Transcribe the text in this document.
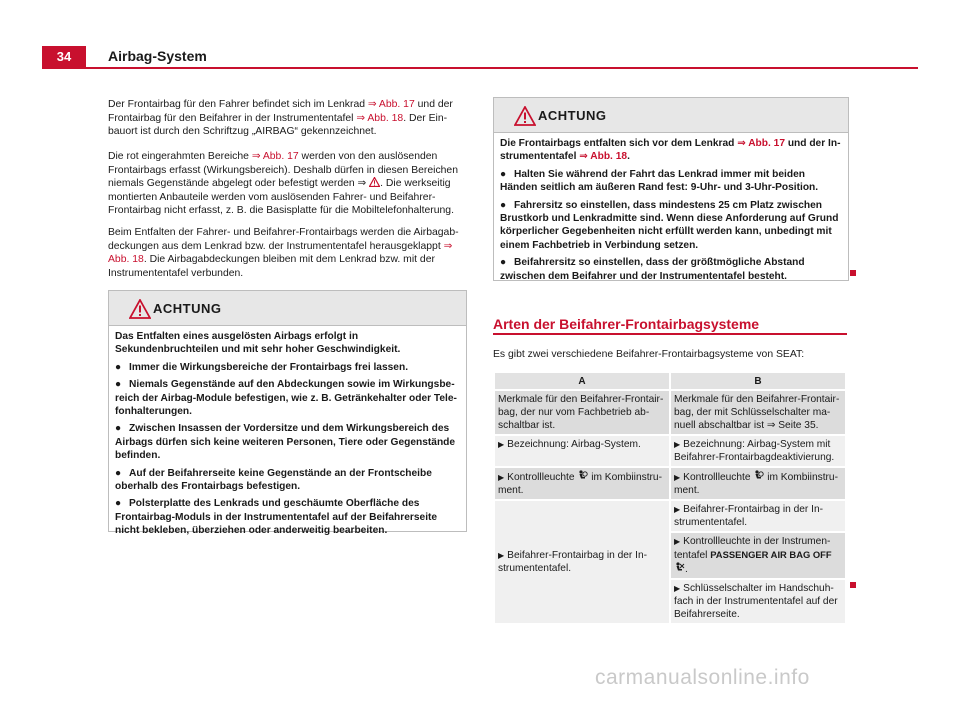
34	Airbag-System

Der Frontairbag für den Fahrer befindet sich im Lenkrad ⇒ Abb. 17 und der Frontairbag für den Beifahrer in der Instrumententafel ⇒ Abb. 18. Der Einbauort ist durch den Schriftzug „AIRBAG“ gekennzeichnet.

Die rot eingerahmten Bereiche ⇒ Abb. 17 werden von den auslösenden Frontairbags erfasst (Wirkungsbereich). Deshalb dürfen in diesen Bereichen niemals Gegenstände abgelegt oder befestigt werden ⇒ . Die werkseitig montierten Anbauteile werden vom auslösenden Fahrer- und Beifahrer-Frontairbag nicht erfasst, z. B. die Basisplatte für die Mobiltelefonhalterung.

Beim Entfalten der Fahrer- und Beifahrer-Frontairbags werden die Airbagabdeckungen aus dem Lenkrad bzw. der Instrumententafel herausgeklappt ⇒ Abb. 18. Die Airbagabdeckungen bleiben mit dem Lenkrad bzw. mit der Instrumententafel verbunden.

ACHTUNG
Das Entfalten eines ausgelösten Airbags erfolgt in Sekundenbruchteilen und mit sehr hoher Geschwindigkeit.
● Immer die Wirkungsbereiche der Frontairbags frei lassen.
● Niemals Gegenstände auf den Abdeckungen sowie im Wirkungsbereich der Airbag-Module befestigen, wie z. B. Getränkehalter oder Telefonhalterungen.
● Zwischen Insassen der Vordersitze und dem Wirkungsbereich des Airbags dürfen sich keine weiteren Personen, Tiere oder Gegenstände befinden.
● Auf der Beifahrerseite keine Gegenstände an der Frontscheibe oberhalb des Frontairbags befestigen.
● Polsterplatte des Lenkrads und geschäumte Oberfläche des Frontairbag-Moduls in der Instrumententafel auf der Beifahrerseite nicht bekleben, überziehen oder anderweitig bearbeiten.
ACHTUNG
Die Frontairbags entfalten sich vor dem Lenkrad ⇒ Abb. 17 und der Instrumententafel ⇒ Abb. 18.
● Halten Sie während der Fahrt das Lenkrad immer mit beiden Händen seitlich am äußeren Rand fest: 9-Uhr- und 3-Uhr-Position.
● Fahrersitz so einstellen, dass mindestens 25 cm Platz zwischen Brustkorb und Lenkradmitte sind. Wenn diese Anforderung auf Grund körperlicher Gegebenheiten nicht erfüllt werden kann, unbedingt mit einem Fachbetrieb in Verbindung setzen.
● Beifahrersitz so einstellen, dass der größtmögliche Abstand zwischen dem Beifahrer und der Instrumententafel besteht.
Arten der Beifahrer-Frontairbagsysteme

Es gibt zwei verschiedene Beifahrer-Frontairbagsysteme von SEAT:

A	B
Merkmale für den Beifahrer-Frontairbag, der nur vom Fachbetrieb abschaltbar ist.	Merkmale für den Beifahrer-Frontairbag, der mit Schlüsselschalter manuell abschaltbar ist ⇒ Seite 35.
▶ Bezeichnung: Airbag-System.	▶ Bezeichnung: Airbag-System mit Beifahrer-Frontairbagdeaktivierung.
▶ Kontrollleuchte  im Kombiinstrument.	▶ Kontrollleuchte  im Kombiinstrument.
▶ Beifahrer-Frontairbag in der Instrumententafel.	▶ Beifahrer-Frontairbag in der Instrumententafel.
	▶ Kontrollleuchte in der Instrumententafel PASSENGER AIR BAG OFF .
	▶ Schlüsselschalter im Handschuhfach in der Instrumententafel auf der Beifahrerseite.
carmanualsonline.info
